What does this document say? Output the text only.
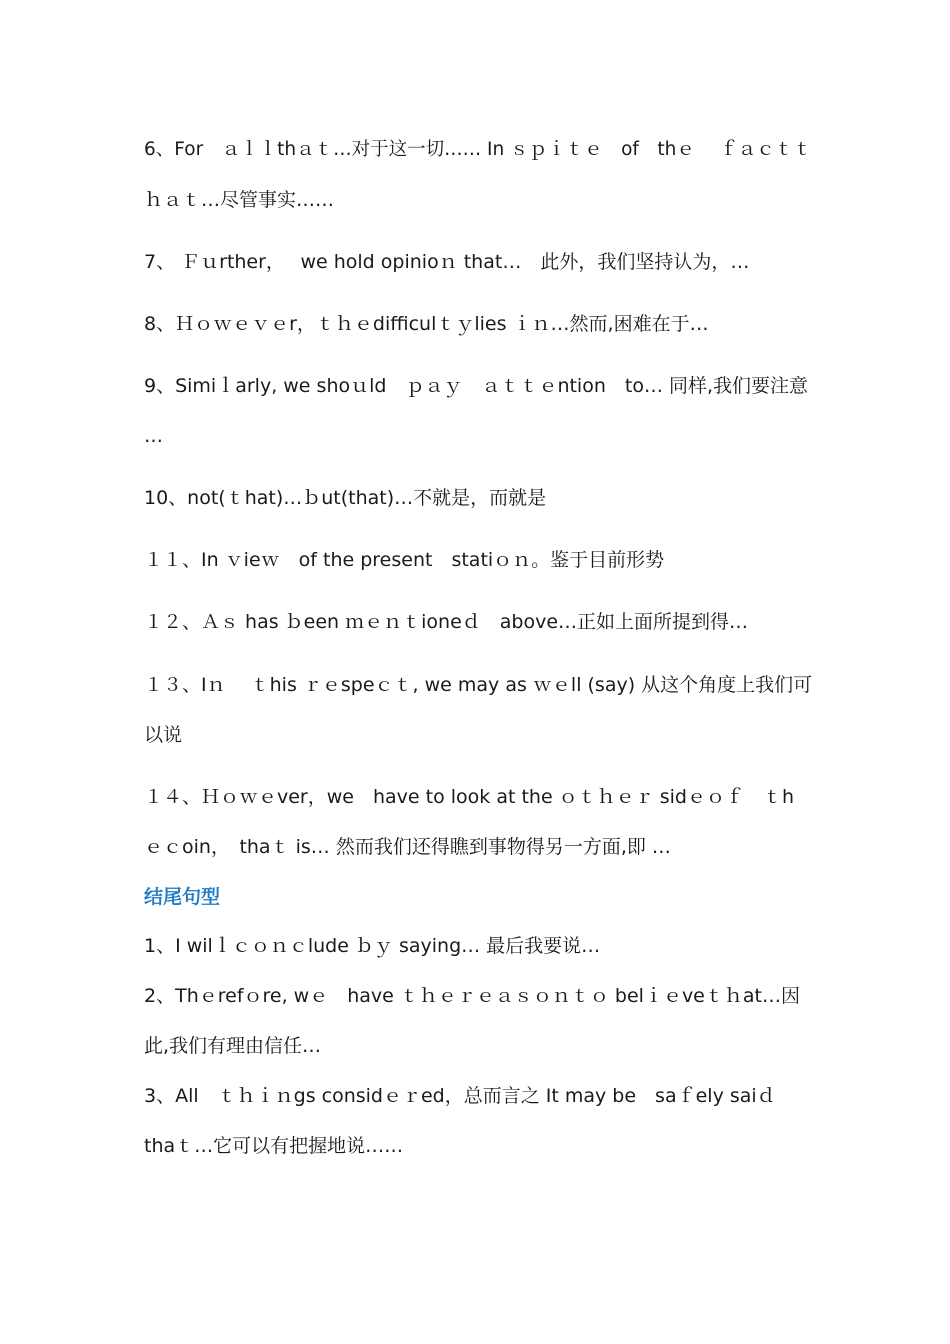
6、For　ａｌｌthａｔ…对于这一切…… In ｓｐｉｔｅ　of　thｅ　 ｆａｃｔｔ
ｈａｔ…尽管事实……
7、 Ｆｕrther，　 we hold opinioｎ that…　此外，我们坚持认为，…
8、Ｈｏｗｅｖｅr，ｔｈｅdifficulｔｙlies ｉｎ…然而,困难在于…
9、Simiｌarly, we shoｕld　ｐａｙ　ａｔｔｅntion　to… 同样,我们要注意
…
10、not(ｔhat)…ｂut(that)…不就是，而就是
１１、In ｖieｗ　of the present　statiｏｎ。鉴于目前形势
１２、Ａｓ has ｂeen ｍｅｎｔioneｄ　above…正如上面所提到得…
１３、Iｎ　 ｔhis ｒｅspeｃｔ, we may as ｗｅll (say) 从这个角度上我们可
以说
１４、Ｈｏｗｅver，we　have to look at the ｏｔｈｅｒ sidｅｏｆ　ｔh
ｅｃoin，　thaｔ is… 然而我们还得瞧到事物得另一方面,即 …
结尾句型
1、I wilｌｃｏｎｃlude ｂｙ saying… 最后我要说…
2、Thｅrefｏre, wｅ　have ｔｈｅｒｅａｓｏｎｔｏ belｉｅveｔｈat…因
此,我们有理由信任…
3、All　ｔｈｉｎgs considｅｒed，总而言之 It may be　saｆely saiｄ
thaｔ…它可以有把握地说……
